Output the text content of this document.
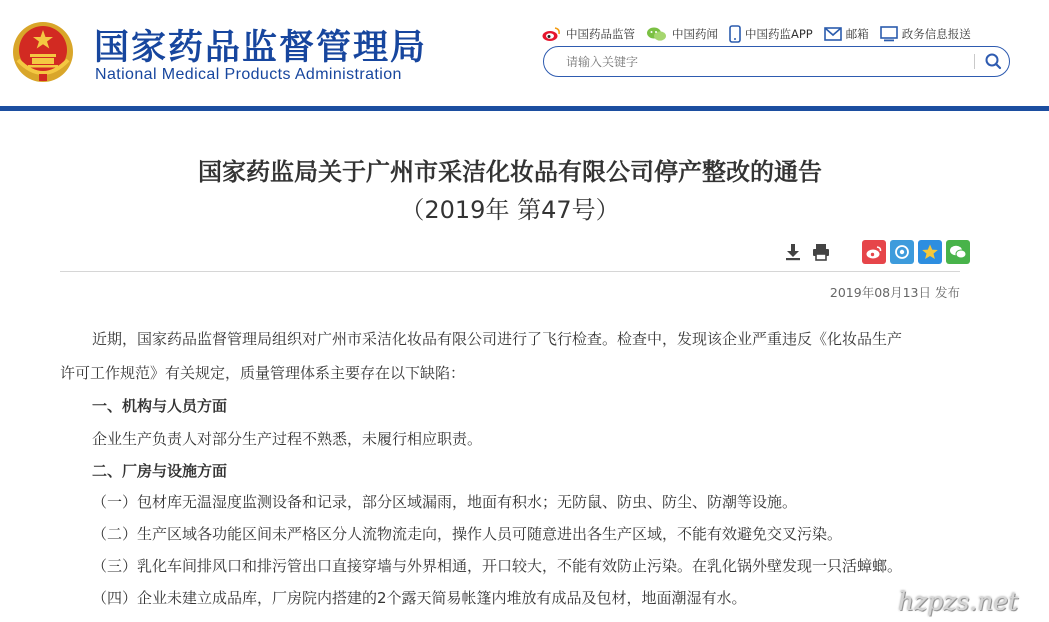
国家药品监督管理局
National Medical Products Administration
中国药品监管	中国药闻 中国药监APP	邮箱	政务信息报送
请输入关键字
国家药监局关于广州市采洁化妆品有限公司停产整改的通告
（2019年 第47号）
2019年08月13日 发布
近期，国家药品监督管理局组织对广州市采洁化妆品有限公司进行了飞行检查。检查中，发现该企业严重违反《化妆品生产
许可工作规范》有关规定，质量管理体系主要存在以下缺陷：
一、机构与人员方面
企业生产负责人对部分生产过程不熟悉，未履行相应职责。
二、厂房与设施方面
（一）包材库无温湿度监测设备和记录，部分区域漏雨，地面有积水；无防鼠、防虫、防尘、防潮等设施。
（二）生产区域各功能区间未严格区分人流物流走向，操作人员可随意进出各生产区域，不能有效避免交叉污染。
（三）乳化车间排风口和排污管出口直接穿墙与外界相通，开口较大，不能有效防止污染。在乳化锅外壁发现一只活蟑螂。
（四）企业未建立成品库，厂房院内搭建的2个露天简易帐篷内堆放有成品及包材，地面潮湿有水。	hzpzs.net
